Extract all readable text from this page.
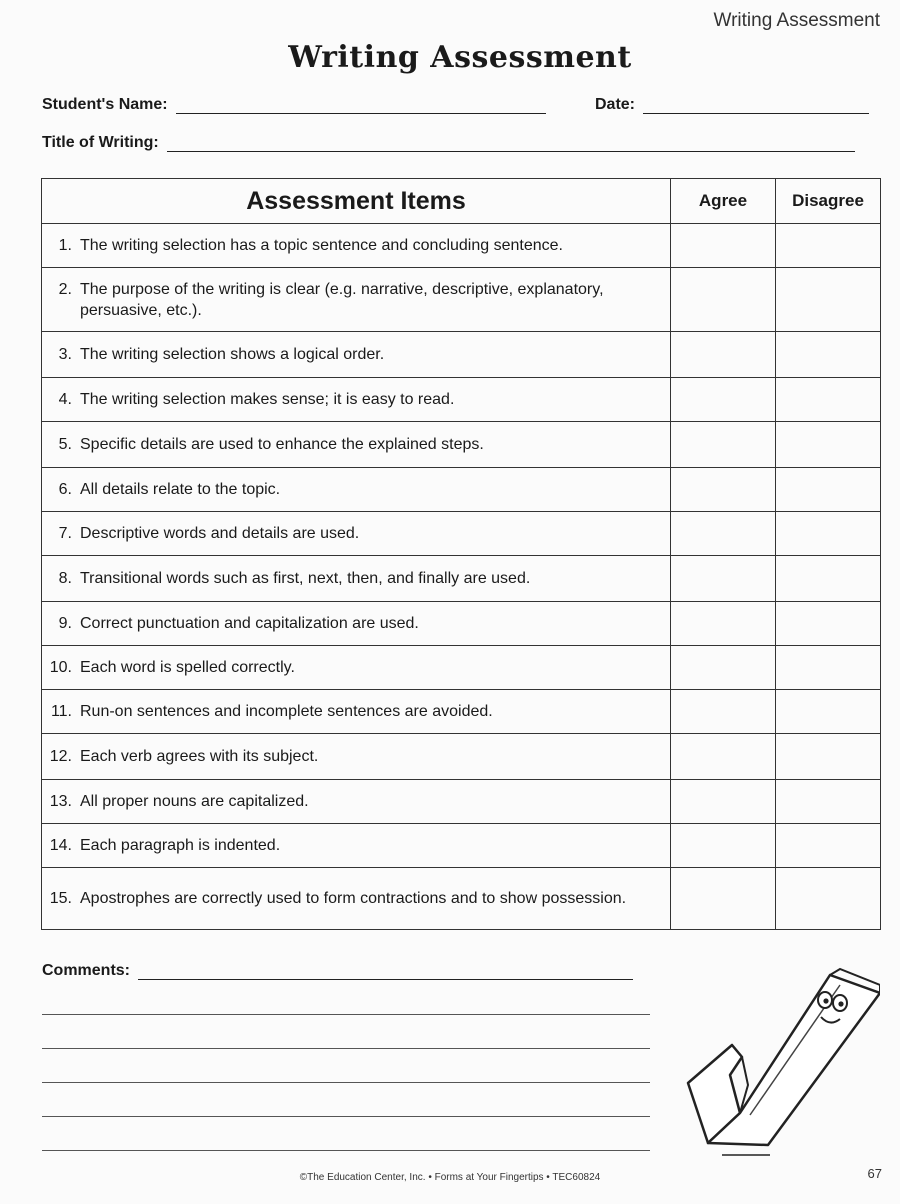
Writing Assessment
Writing Assessment
Student's Name:	Date:
Title of Writing:
Assessment Items	Agree	Disagree

1. The writing selection has a topic sentence and concluding sentence.		

2. The purpose of the writing is clear (e.g. narrative, descriptive, explanatory, persuasive, etc.).		

3. The writing selection shows a logical order.		

4. The writing selection makes sense; it is easy to read.		

5. Specific details are used to enhance the explained steps.		

6. All details relate to the topic.		

7. Descriptive words and details are used.		

8. Transitional words such as first, next, then, and finally are used.		

9. Correct punctuation and capitalization are used.		

10. Each word is spelled correctly.		

11. Run-on sentences and incomplete sentences are avoided.		

12. Each verb agrees with its subject.		

13. All proper nouns are capitalized.		

14. Each paragraph is indented.		

15. Apostrophes are correctly used to form contractions and to show possession.		

Comments:
©The Education Center, Inc. • Forms at Your Fingertips • TEC60824	67
